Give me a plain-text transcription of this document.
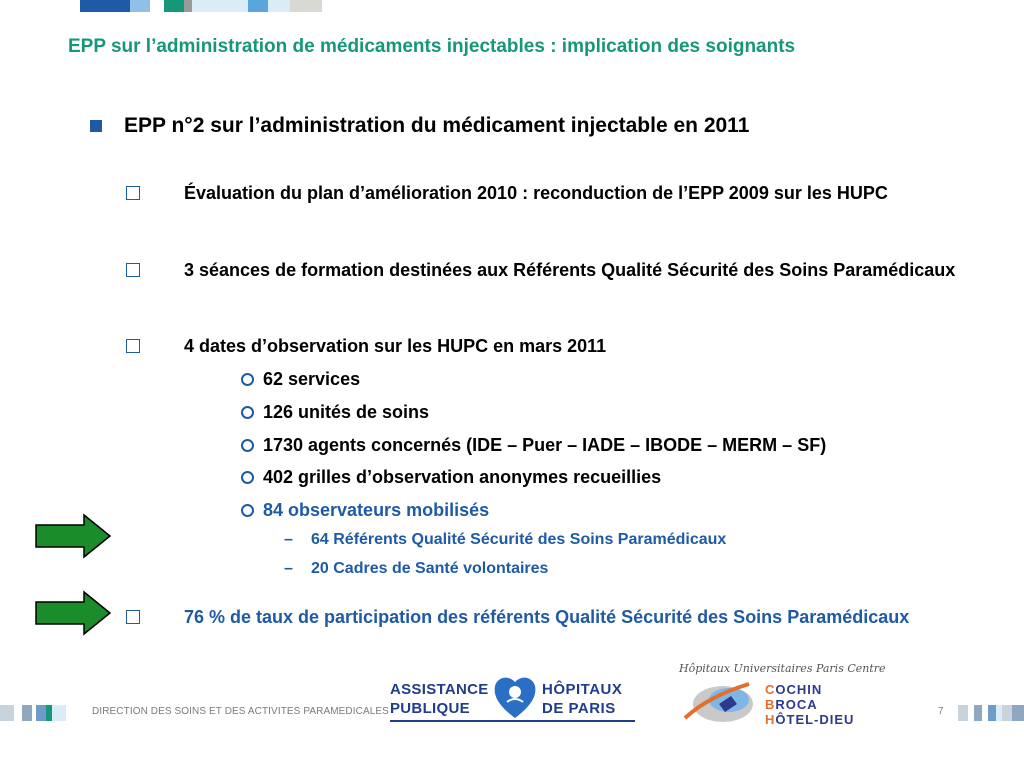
EPP sur l’administration de médicaments injectables : implication des soignants
EPP n°2 sur l’administration du médicament injectable en 2011
Évaluation du plan d’amélioration 2010 : reconduction de l’EPP 2009 sur les HUPC
3 séances de formation destinées aux Référents Qualité Sécurité des Soins Paramédicaux
4 dates d’observation sur les HUPC en mars 2011
62 services
126 unités de soins
1730 agents concernés (IDE – Puer – IADE – IBODE – MERM – SF)
402 grilles d’observation anonymes recueillies
84 observateurs mobilisés
–	64 Référents Qualité Sécurité des Soins Paramédicaux
–	20 Cadres de Santé volontaires
76 % de taux de participation des référents Qualité Sécurité des Soins Paramédicaux
DIRECTION DES SOINS ET DES ACTIVITES PARAMEDICALES
ASSISTANCE
PUBLIQUE
HÔPITAUX
DE PARIS
Hôpitaux Universitaires Paris Centre
COCHIN
BROCA
HÔTEL-DIEU
7
